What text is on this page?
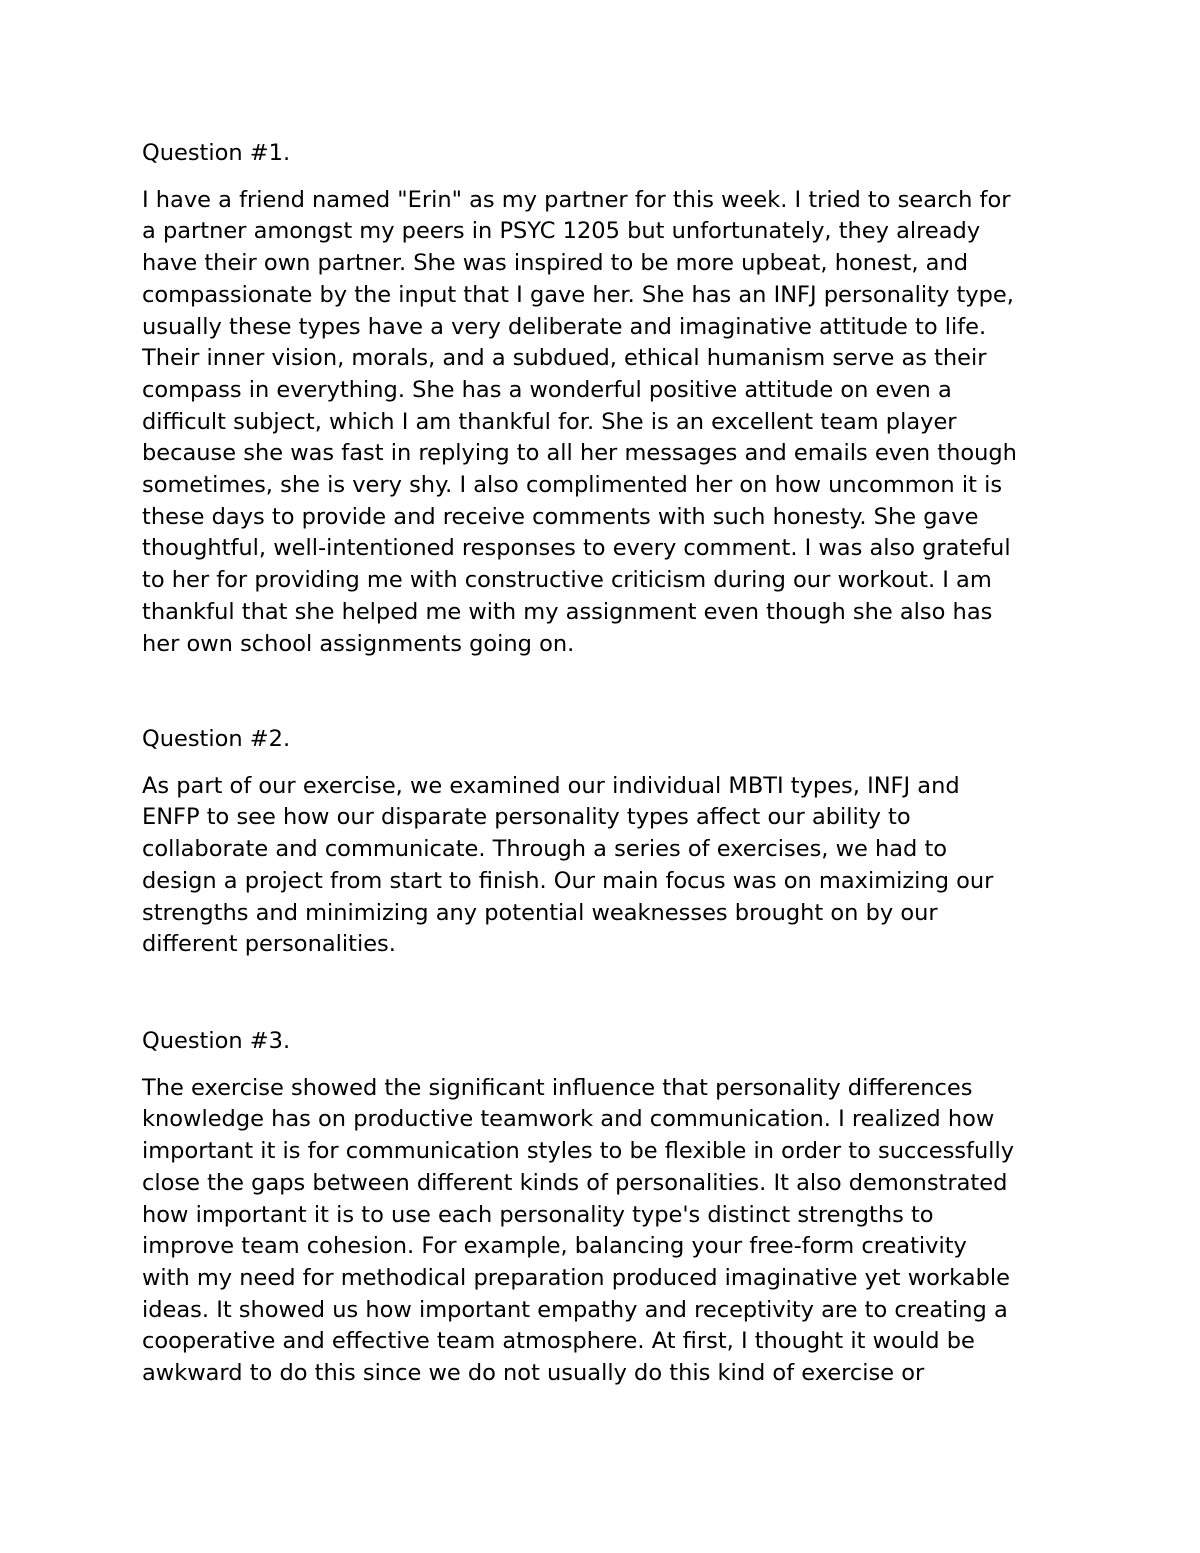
Question #1.

I have a friend named "Erin" as my partner for this week. I tried to search for
a partner amongst my peers in PSYC 1205 but unfortunately, they already
have their own partner. She was inspired to be more upbeat, honest, and
compassionate by the input that I gave her. She has an INFJ personality type,
usually these types have a very deliberate and imaginative attitude to life.
Their inner vision, morals, and a subdued, ethical humanism serve as their
compass in everything. She has a wonderful positive attitude on even a
difficult subject, which I am thankful for. She is an excellent team player
because she was fast in replying to all her messages and emails even though
sometimes, she is very shy. I also complimented her on how uncommon it is
these days to provide and receive comments with such honesty. She gave
thoughtful, well-intentioned responses to every comment. I was also grateful
to her for providing me with constructive criticism during our workout. I am
thankful that she helped me with my assignment even though she also has
her own school assignments going on.

Question #2.

As part of our exercise, we examined our individual MBTI types, INFJ and
ENFP to see how our disparate personality types affect our ability to
collaborate and communicate. Through a series of exercises, we had to
design a project from start to finish. Our main focus was on maximizing our
strengths and minimizing any potential weaknesses brought on by our
different personalities.

Question #3.

The exercise showed the significant influence that personality differences
knowledge has on productive teamwork and communication. I realized how
important it is for communication styles to be flexible in order to successfully
close the gaps between different kinds of personalities. It also demonstrated
how important it is to use each personality type's distinct strengths to
improve team cohesion. For example, balancing your free-form creativity
with my need for methodical preparation produced imaginative yet workable
ideas. It showed us how important empathy and receptivity are to creating a
cooperative and effective team atmosphere. At first, I thought it would be
awkward to do this since we do not usually do this kind of exercise or
